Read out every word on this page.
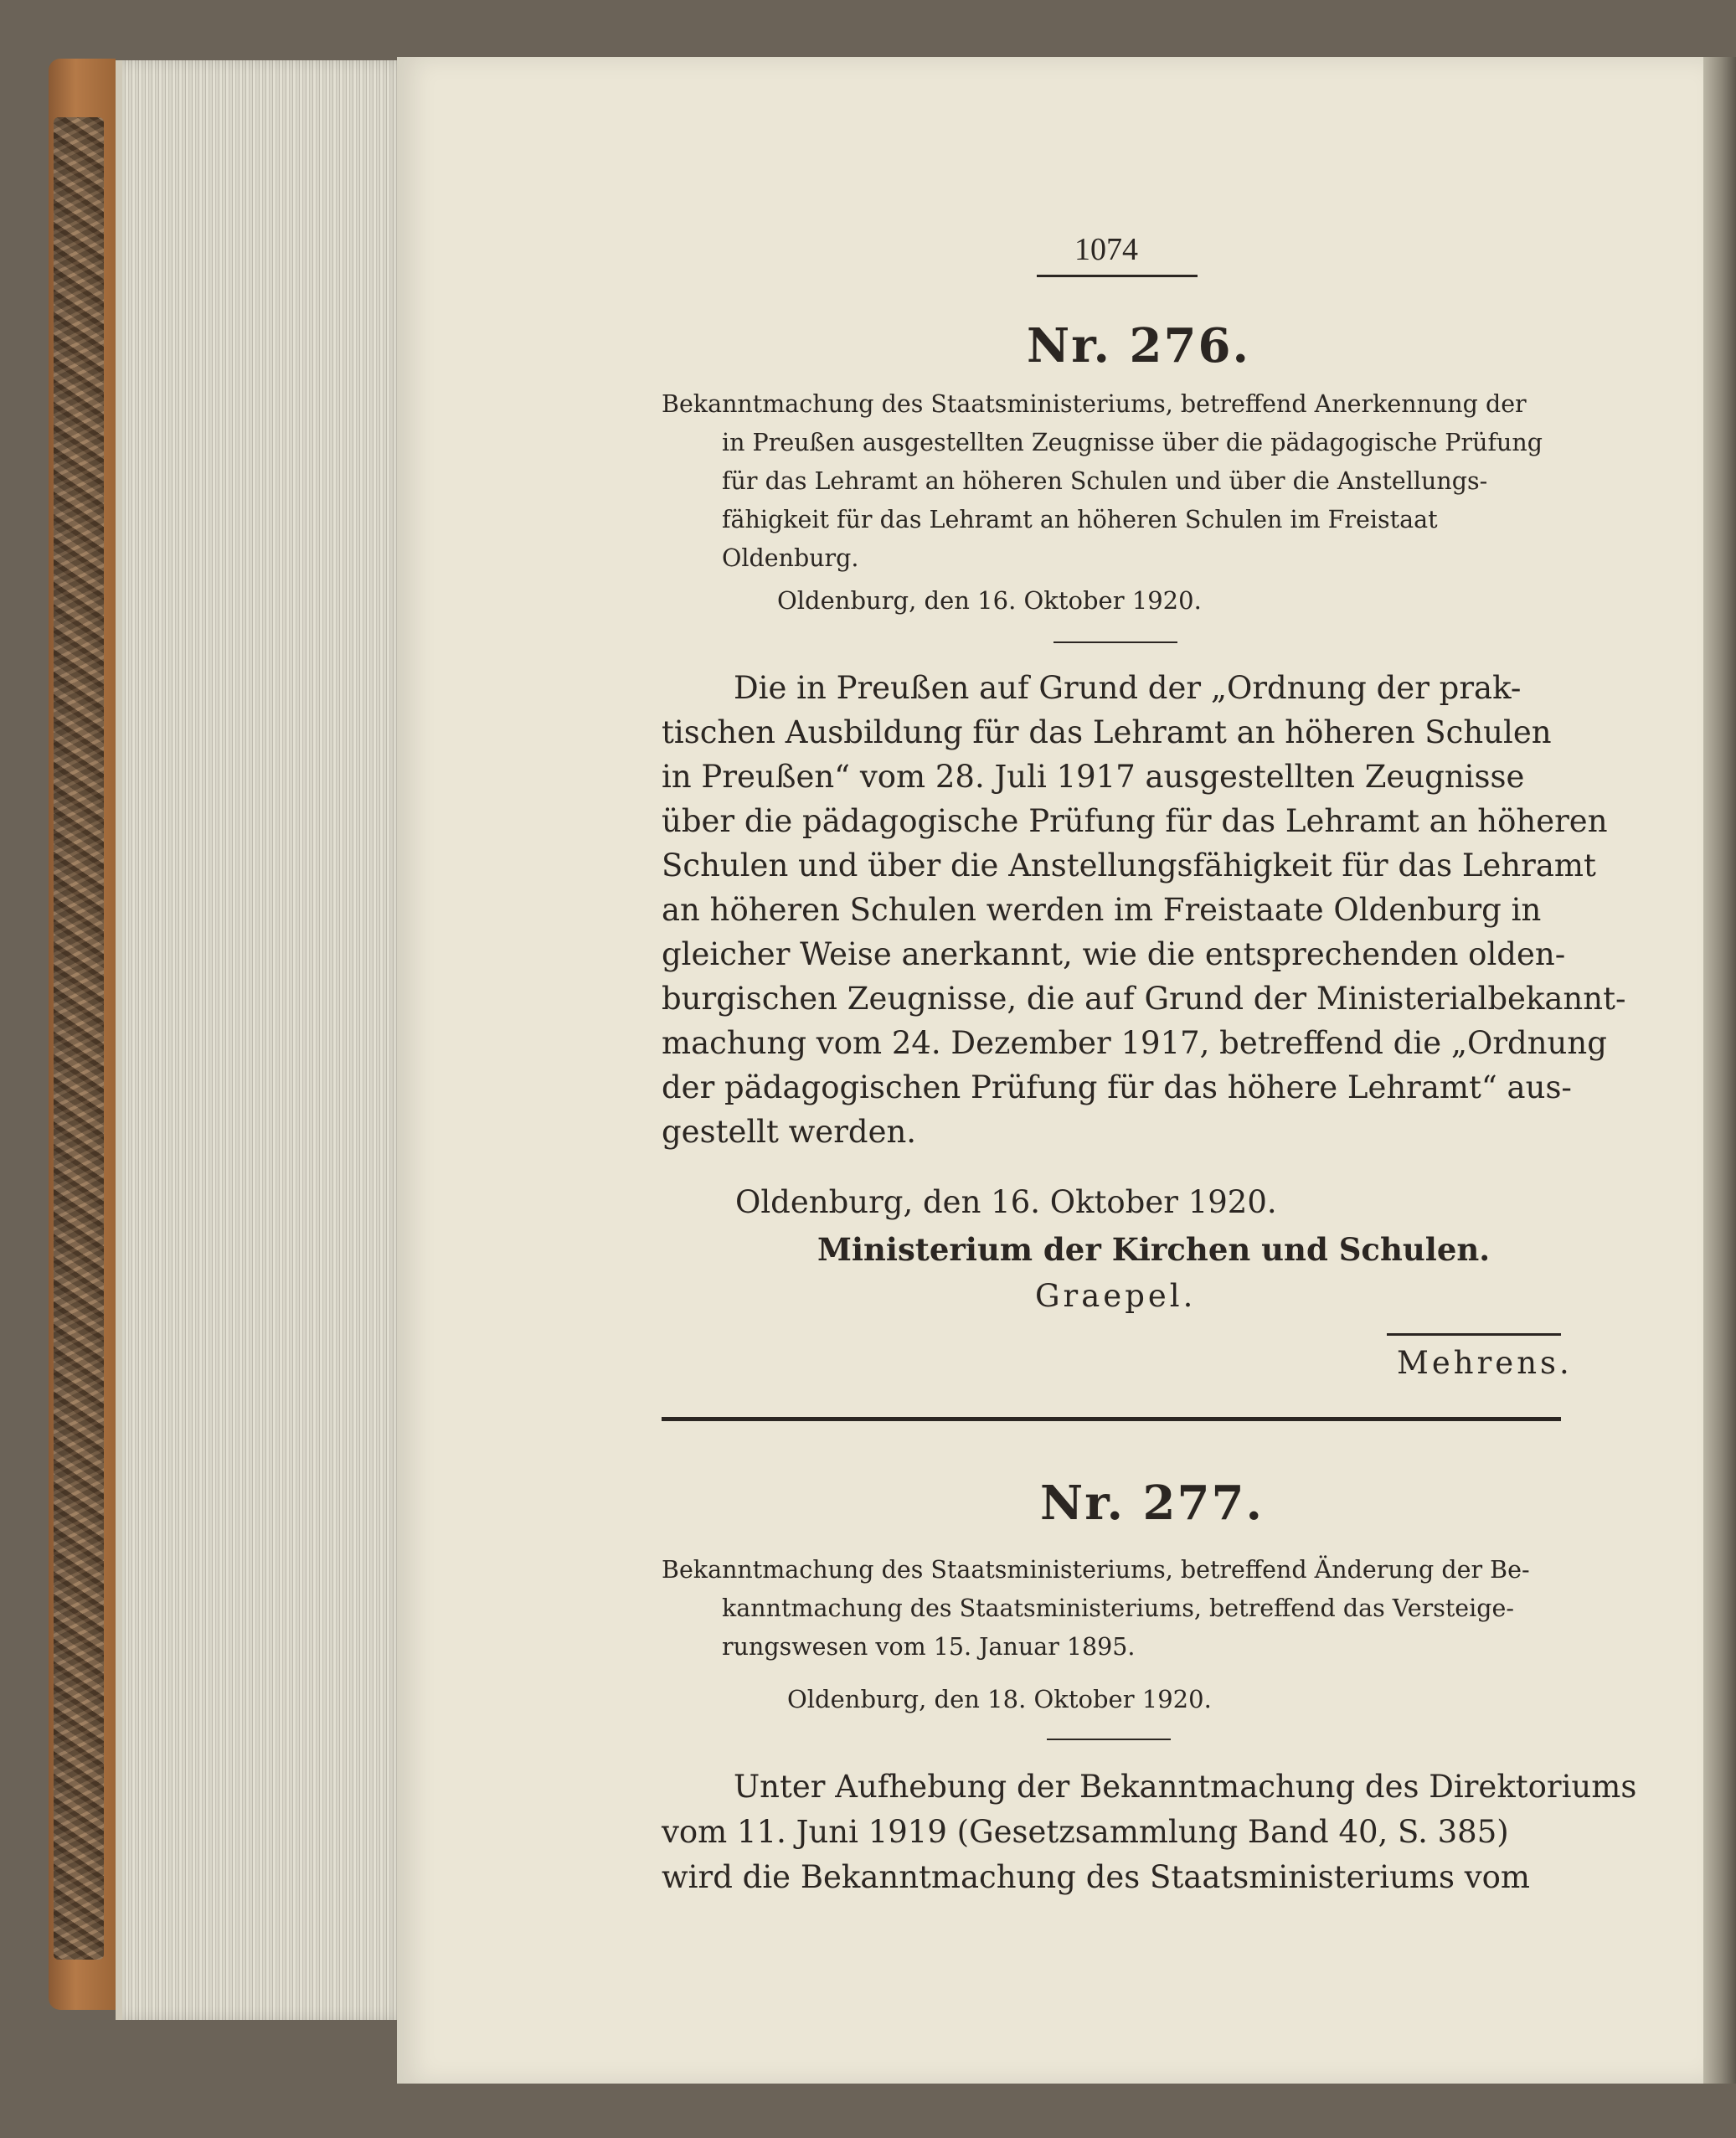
1074
Nr. 276.
Bekanntmachung des Staatsministeriums, betreffend Anerkennung der
in Preußen ausgestellten Zeugnisse über die pädagogische Prüfung
für das Lehramt an höheren Schulen und über die Anstellungs-
fähigkeit für das Lehramt an höheren Schulen im Freistaat
Oldenburg.
Oldenburg, den 16. Oktober 1920.
Die in Preußen auf Grund der „Ordnung der prak-
tischen Ausbildung für das Lehramt an höheren Schulen
in Preußen“ vom 28. Juli 1917 ausgestellten Zeugnisse
über die pädagogische Prüfung für das Lehramt an höheren
Schulen und über die Anstellungsfähigkeit für das Lehramt
an höheren Schulen werden im Freistaate Oldenburg in
gleicher Weise anerkannt, wie die entsprechenden olden-
burgischen Zeugnisse, die auf Grund der Ministerialbekannt-
machung vom 24. Dezember 1917, betreffend die „Ordnung
der pädagogischen Prüfung für das höhere Lehramt“ aus-
gestellt werden.
Oldenburg, den 16. Oktober 1920.
Ministerium der Kirchen und Schulen.
Graepel.
Mehrens.
Nr. 277.
Bekanntmachung des Staatsministeriums, betreffend Änderung der Be-
kanntmachung des Staatsministeriums, betreffend das Versteige-
rungswesen vom 15. Januar 1895.
Oldenburg, den 18. Oktober 1920.
Unter Aufhebung der Bekanntmachung des Direktoriums
vom 11. Juni 1919 (Gesetzsammlung Band 40, S. 385)
wird die Bekanntmachung des Staatsministeriums vom
